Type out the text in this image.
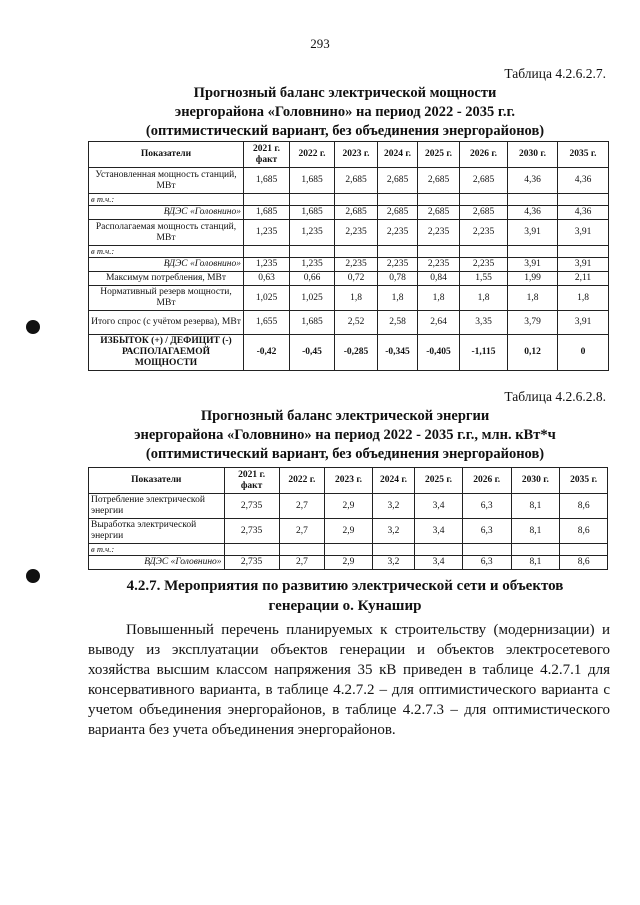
293
Таблица 4.2.6.2.7.
Прогнозный баланс электрической мощности
энергорайона «Головнино» на период 2022 - 2035 г.г.
(оптимистический вариант, без объединения энергорайонов)
Показатели	2021 г. факт	2022 г.	2023 г.	2024 г.	2025 г.	2026 г.	2030 г.	2035 г.
Установленная мощность станций, МВт	1,685	1,685	2,685	2,685	2,685	2,685	4,36	4,36
в т.ч.:								
ВДЭС «Головнино»	1,685	1,685	2,685	2,685	2,685	2,685	4,36	4,36
Располагаемая мощность станций, МВт	1,235	1,235	2,235	2,235	2,235	2,235	3,91	3,91
в т.ч.:								
ВДЭС «Головнино»	1,235	1,235	2,235	2,235	2,235	2,235	3,91	3,91
Максимум потребления, МВт	0,63	0,66	0,72	0,78	0,84	1,55	1,99	2,11
Нормативный резерв мощности, МВт	1,025	1,025	1,8	1,8	1,8	1,8	1,8	1,8
Итого спрос (с учётом резерва), МВт	1,655	1,685	2,52	2,58	2,64	3,35	3,79	3,91
ИЗБЫТОК (+) / ДЕФИЦИТ (-) РАСПОЛАГАЕМОЙ МОЩНОСТИ	-0,42	-0,45	-0,285	-0,345	-0,405	-1,115	0,12	0
Таблица 4.2.6.2.8.
Прогнозный баланс электрической энергии
энергорайона «Головнино» на период 2022 - 2035 г.г., млн. кВт*ч
(оптимистический вариант, без объединения энергорайонов)
Показатели	2021 г. факт	2022 г.	2023 г.	2024 г.	2025 г.	2026 г.	2030 г.	2035 г.
Потребление электрической энергии	2,735	2,7	2,9	3,2	3,4	6,3	8,1	8,6
Выработка электрической энергии	2,735	2,7	2,9	3,2	3,4	6,3	8,1	8,6
в т.ч.:								
ВДЭС «Головнино»	2,735	2,7	2,9	3,2	3,4	6,3	8,1	8,6
4.2.7. Мероприятия по развитию электрической сети и объектов
генерации о. Кунашир
Повышенный перечень планируемых к строительству (модернизации) и выводу из эксплуатации объектов генерации и объектов электросетевого хозяйства высшим классом напряжения 35 кВ приведен в таблице 4.2.7.1 для консервативного варианта, в таблице 4.2.7.2 – для оптимистического варианта с учетом объединения энергорайонов, в таблице 4.2.7.3 – для оптимистического варианта без учета объединения энергорайонов.
